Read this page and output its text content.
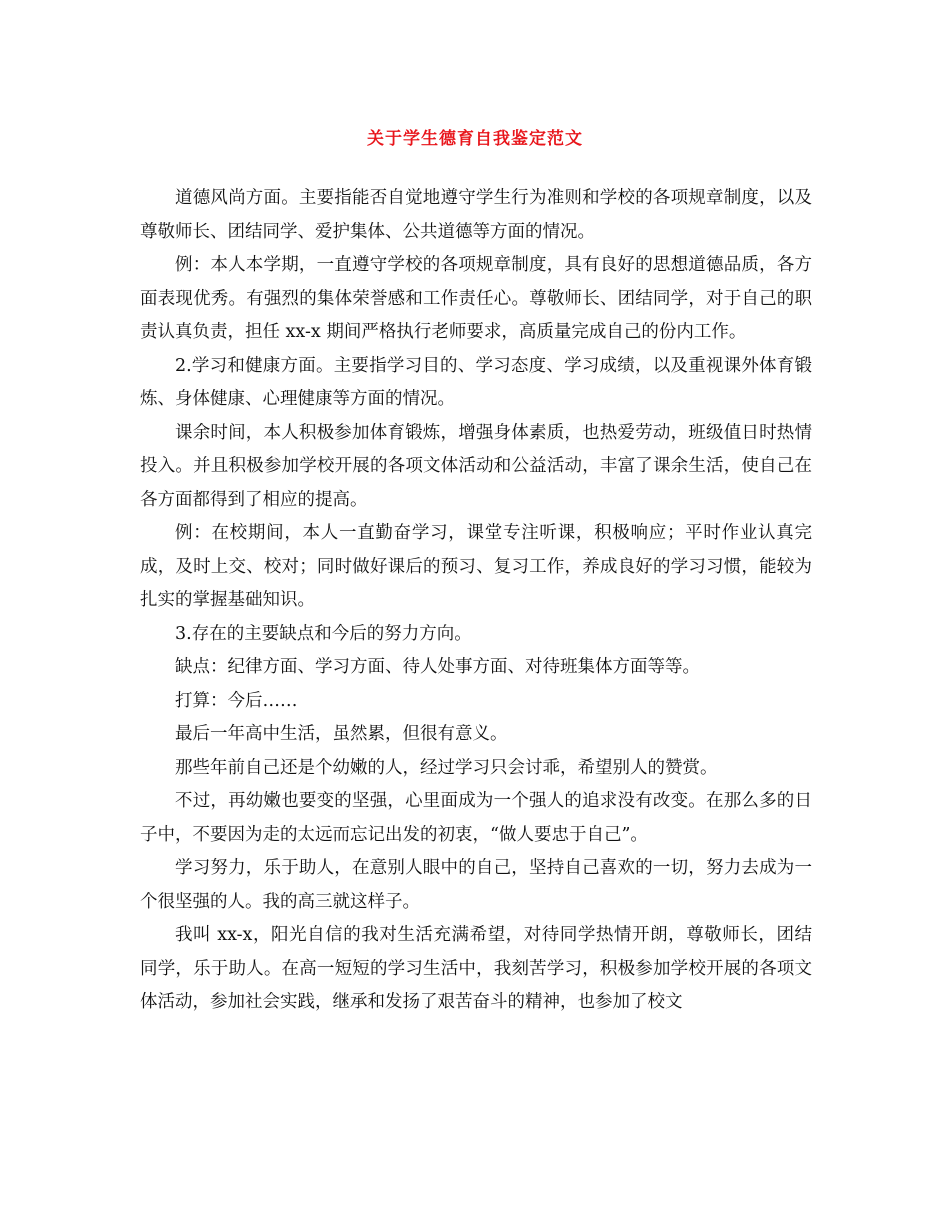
关于学生德育自我鉴定范文

道德风尚方面。主要指能否自觉地遵守学生行为准则和学校的各项规章制度，以及尊敬师长、团结同学、爱护集体、公共道德等方面的情况。

例：本人本学期，一直遵守学校的各项规章制度，具有良好的思想道德品质，各方面表现优秀。有强烈的集体荣誉感和工作责任心。尊敬师长、团结同学，对于自己的职责认真负责，担任 xx-x 期间严格执行老师要求，高质量完成自己的份内工作。

2.学习和健康方面。主要指学习目的、学习态度、学习成绩，以及重视课外体育锻炼、身体健康、心理健康等方面的情况。

课余时间，本人积极参加体育锻炼，增强身体素质，也热爱劳动，班级值日时热情投入。并且积极参加学校开展的各项文体活动和公益活动，丰富了课余生活，使自己在各方面都得到了相应的提高。

例：在校期间，本人一直勤奋学习，课堂专注听课，积极响应；平时作业认真完成，及时上交、校对；同时做好课后的预习、复习工作，养成良好的学习习惯，能较为扎实的掌握基础知识。

3.存在的主要缺点和今后的努力方向。

缺点：纪律方面、学习方面、待人处事方面、对待班集体方面等等。

打算：今后……

最后一年高中生活，虽然累，但很有意义。

那些年前自己还是个幼嫩的人，经过学习只会讨乖，希望别人的赞赏。

不过，再幼嫩也要变的坚强，心里面成为一个强人的追求没有改变。在那么多的日子中，不要因为走的太远而忘记出发的初衷，“做人要忠于自己”。

学习努力，乐于助人，在意别人眼中的自己，坚持自己喜欢的一切，努力去成为一个很坚强的人。我的高三就这样子。

我叫 xx-x，阳光自信的我对生活充满希望，对待同学热情开朗，尊敬师长，团结 同学，乐于助人。在高一短短的学习生活中，我刻苦学习，积极参加学校开展的各项文体活动，参加社会实践，继承和发扬了艰苦奋斗的精神，也参加了校文
